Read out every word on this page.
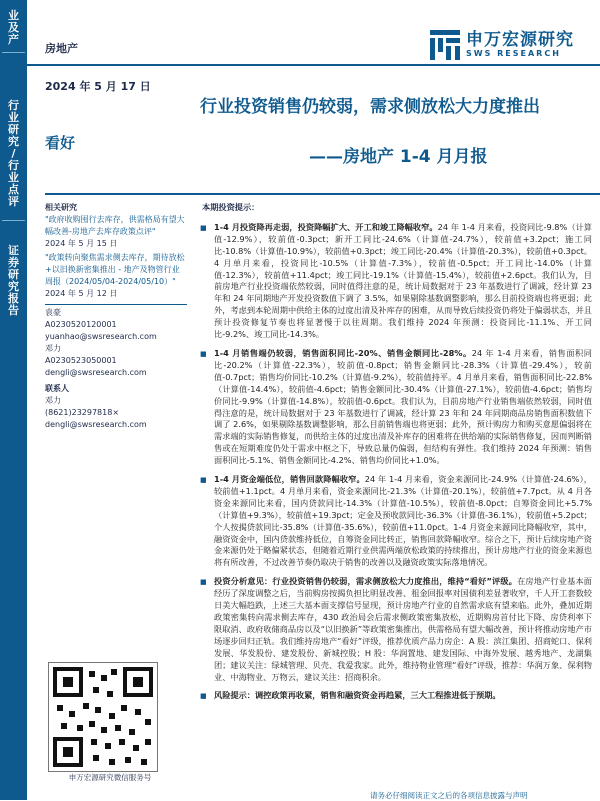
业
及
产
行
业
研
究
/
行
业
点
评
证
券
研
究
报
告
房地产	申万宏源研究
SWS RESEARCH
2024 年 5 月 17 日
看好
行业投资销售仍较弱，需求侧放松大力度推出
——房地产 1-4 月月报
相关研究
"政府收购囤行去库存，供需格局有望大幅改善-房地产去库存政策点评"
2024 年 5 月 15 日
"政策转向聚焦需求侧去库存，期待放松+以旧换新密集推出 - 地产及物管行业周报（2024/05/04-2024/05/10）"
2024 年 5 月 12 日
袁豪
A0230520120001
yuanhao@swsresearch.com
邓力
A0230523050001
dengli@swsresearch.com
联系人
邓力
(8621)23297818×
dengli@swsresearch.com
申万宏源研究微信服务号
本期投资提示：
■ 1-4 月投资降再走弱，投资降幅扩大、开工和竣工降幅收窄。24 年 1-4 月来看，投资同比-9.8%（计算值-12.9%），较前值-0.3pct；新开工同比-24.6%（计算值-24.7%），较前值+3.2pct；施工同比-10.8%（计算值-10.9%），较前值+0.3pct；竣工同比-20.4%（计算值-20.3%），较前值+0.3pct。4 月单月来看，投资同比-10.5%（计算值-7.3%），较前值-0.5pct；开工同比-14.0%（计算值-12.3%），较前值+11.4pct；竣工同比-19.1%（计算值-15.4%），较前值+2.6pct。我们认为，目前房地产行业投资端依然较弱，同时值得注意的是，统计局数据对于 23 年基数进行了调减，经计算 23 年和 24 年同期地产开发投资数值下调了 3.5%，如果剔除基数调整影响，那么目前投资端也将更弱；此外，考虑到本轮周期中供给主体的过度出清及补库存的困难，从而导致后续投资仍将处于偏弱状态，并且预计投资修复节奏也将显著慢于以往周期。我们维持 2024 年预测：投资同比-11.1%、开工同比-9.2%、竣工同比-14.3%。
■ 1-4 月销售端仍较弱，销售面积同比-20%、销售金额同比-28%。24 年 1-4 月来看，销售面积同比-20.2%（计算值-22.3%），较前值-0.8pct；销售金额同比-28.3%（计算值-29.4%），较前值-0.7pct；销售均价同比-10.2%（计算值-9.2%），较前值持平。4 月单月来看，销售面积同比-22.8%（计算值-14.4%），较前值-4.6pct；销售金额同比-30.4%（计算值-27.1%），较前值-4.6pct；销售均价同比-9.9%（计算值-14.8%），较前值-0.6pct。我们认为，目前房地产行业销售端依然较弱，同时值得注意的是，统计局数据对于 23 年基数进行了调减，经计算 23 年和 24 年同期商品房销售面积数值下调了 2.6%，如果剔除基数调整影响，那么目前销售端也将更弱；此外，预计购房力和购买意愿偏弱将在需求端的实际销售修复，而供给主体的过度出清及补库存的困难将在供给端的实际销售修复，因而判断销售或在短期难度仍处于需求中枢之下，导致总量仍偏弱，但结构有弹性。我们维持 2024 年预测：销售面积同比-5.1%、销售金额同比-4.2%、销售均价同比+1.0%。
■ 1-4 月资金端低位，销售回款降幅收窄。24 年 1-4 月来看，资金来源同比-24.9%（计算值-24.6%），较前值+1.1pct。4 月单月来看，资金来源同比-21.3%（计算值-20.1%），较前值+7.7pct。从 4 月各资金来源同比来看，国内贷款同比-14.3%（计算值-10.5%），较前值-8.0pct；自筹资金同比+5.7%（计算值+9.3%），较前值+19.3pct；定金及预收款同比-36.3%（计算值-36.1%），较前值+5.2pct；个人按揭贷款同比-35.8%（计算值-35.6%），较前值+11.0pct。1-4 月资金来源同比降幅收窄，其中，融资资金中，国内贷款维持低位，自筹资金同比转正，销售回款降幅收窄。综合之下，预计后续房地产资金来源仍处于略偏紧状态，但随着近期行业供需两端放松政策的持续推出，预计房地产行业的资金来源也将有所改善，不过改善节奏仍取决于销售的改善以及融资政策实际落地情况。
■ 投资分析意见：行业投资销售仍较弱，需求侧放松大力度推出，维持“看好”评级。在房地产行业基本面经历了深度调整之后，当前购房按揭负担比明显改善、租金回报率对国债利差显著收窄，千人开工套数较日美大幅趋跌，上述三大基本面支撑信号显现，预计房地产行业的自然需求底有望来临。此外，叠加近期政策密集转向需求侧去库存，430 政治局会后需求侧政策密集放松，近期购房首付比下降、房贷利率下限取消、政府收储商品房以及“以旧换新”等政策密集推出，供需格局有望大幅改善，预计将推动房地产市场逐步回归正轨。我们维持房地产“看好”评级，推荐优质产品力房企：A 股：滨江集团、招商蛇口、保利发展、华发股份、建发股份、新城控股；H 股：华润置地、建发国际、中海外发展、越秀地产、龙湖集团；建议关注：绿城管理、贝壳、我爱我家。此外，维持物业管理“看好”评级，推荐：华润万象、保利物业、中海物业、万物云，建议关注：招商积余。
■ 风险提示：调控政策再收紧，销售和融资资金再趋紧，三大工程推进低于预期。
请务必仔细阅读正文之后的各项信息披露与声明
